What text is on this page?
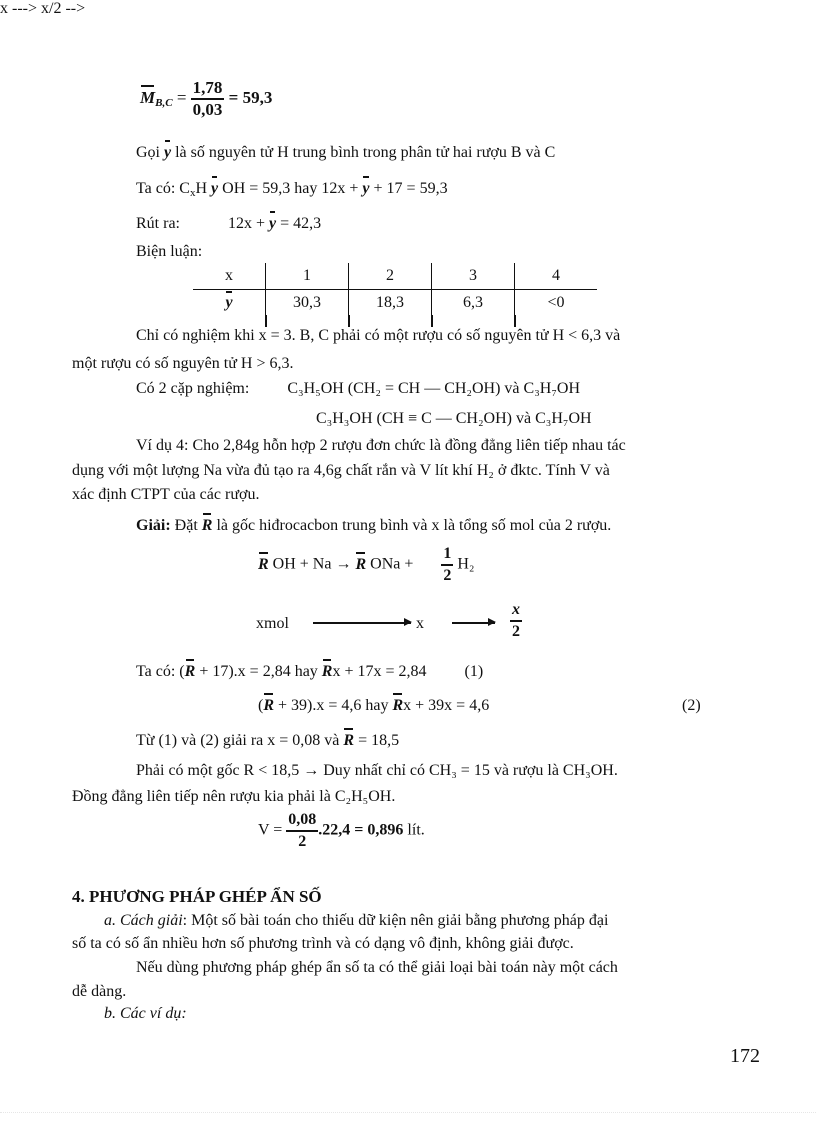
$M_{B,C} = \frac{1,78}{0,03} = 59,3$
Gọi y là số nguyên tử H trung bình trong phân tử hai rượu B và C
Ta có: $C_xH$ y OH = 59,3 hay 12x + y + 17 = 59,3
Rút ra:	12x + y = 42,3
Biện luận:
x	1	2	3	4
y	30,3	18,3	6,3	<0
Chỉ có nghiệm khi x = 3. B, C phải có một rượu có số nguyên tử H < 6,3 và
một rượu có số nguyên tử H > 6,3.
Có 2 cặp nghiệm: C₃H₅OH (CH₂ = CH — CH₂OH) và C₃H₇OH
C₃H₃OH (CH ≡ C — CH₂OH) và C₃H₇OH
Ví dụ 4: Cho 2,84g hỗn hợp 2 rượu đơn chức là đồng đẳng liên tiếp nhau tác
dụng với một lượng Na vừa đủ tạo ra 4,6g chất rắn và V lít khí H₂ ở đktc. Tính V và
xác định CTPT của các rượu.
Giải: Đặt R là gốc hiđrocacbon trung bình và x là tổng số mol của 2 rượu.
R OH + Na → R ONa + $\frac{1}{2} H_2$
x ---> x/2 -->
xmol	x	$\frac{x}{2}$
Ta có: (R + 17).x = 2,84 hay Rx + 17x = 2,84 (1)
(R + 39).x = 4,6 hay Rx + 39x = 4,6	(2)
Từ (1) và (2) giải ra x = 0,08 và R = 18,5
Phải có một gốc R < 18,5 → Duy nhất chỉ có CH₃ = 15 và rượu là CH₃OH.
Đồng đẳng liên tiếp nên rượu kia phải là C₂H₅OH.
$V = \frac{0,08}{2} .22,4 = 0,896$ lít.
4. PHƯƠNG PHÁP GHÉP ẨN SỐ
a. Cách giải: Một số bài toán cho thiếu dữ kiện nên giải bằng phương pháp đại
số ta có số ẩn nhiều hơn số phương trình và có dạng vô định, không giải được.
Nếu dùng phương pháp ghép ẩn số ta có thể giải loại bài toán này một cách
dễ dàng.
b. Các ví dụ:
172
